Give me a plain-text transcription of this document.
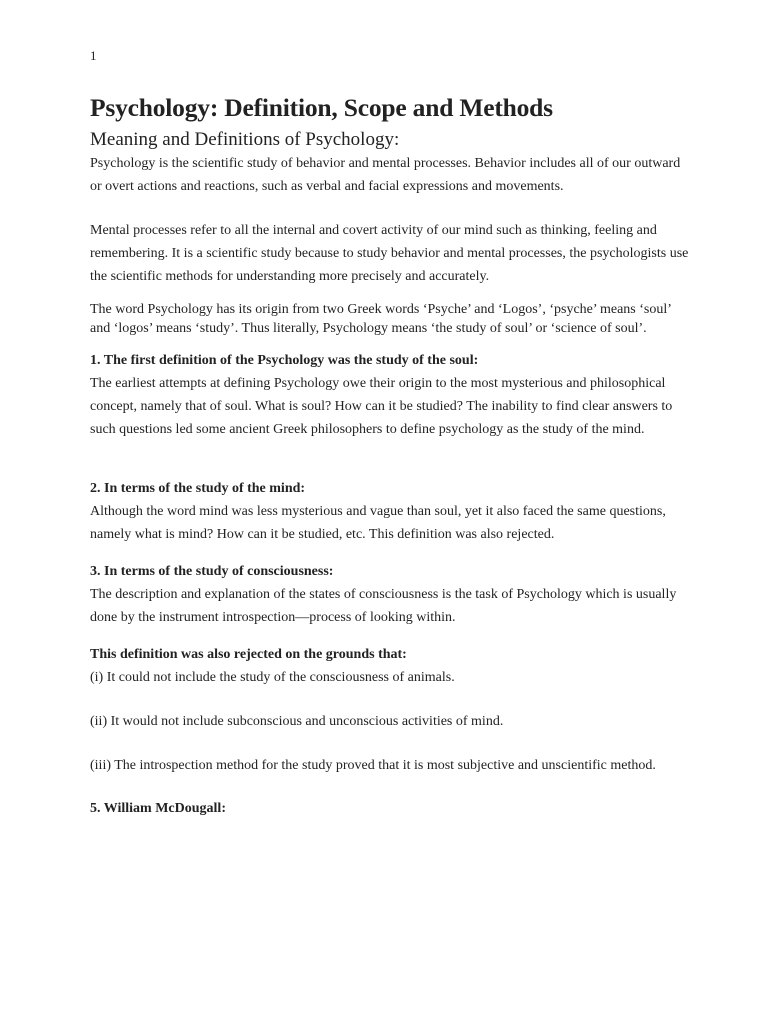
1
Psychology: Definition, Scope and Methods
Meaning and Definitions of Psychology:

Psychology is the scientific study of behavior and mental processes. Behavior includes all of our outward or overt actions and reactions, such as verbal and facial expressions and movements.

Mental processes refer to all the internal and covert activity of our mind such as thinking, feeling and remembering. It is a scientific study because to study behavior and mental processes, the psychologists use the scientific methods for understanding more precisely and accurately.

The word Psychology has its origin from two Greek words ‘Psyche’ and ‘Logos’, ‘psyche’ means ‘soul’ and ‘logos’ means ‘study’. Thus literally, Psychology means ‘the study of soul’ or ‘science of soul’.

1. The first definition of the Psychology was the study of the soul:

The earliest attempts at defining Psychology owe their origin to the most mysterious and philosophical concept, namely that of soul. What is soul? How can it be studied? The inability to find clear answers to such questions led some ancient Greek philosophers to define psychology as the study of the mind.

2. In terms of the study of the mind:

Although the word mind was less mysterious and vague than soul, yet it also faced the same questions, namely what is mind? How can it be studied, etc. This definition was also rejected.

3. In terms of the study of consciousness:

The description and explanation of the states of consciousness is the task of Psychology which is usually done by the instrument introspection—process of looking within.

This definition was also rejected on the grounds that:

(i) It could not include the study of the consciousness of animals.

(ii) It would not include subconscious and unconscious activities of mind.

(iii) The introspection method for the study proved that it is most subjective and unscientific method.

5. William McDougall:
